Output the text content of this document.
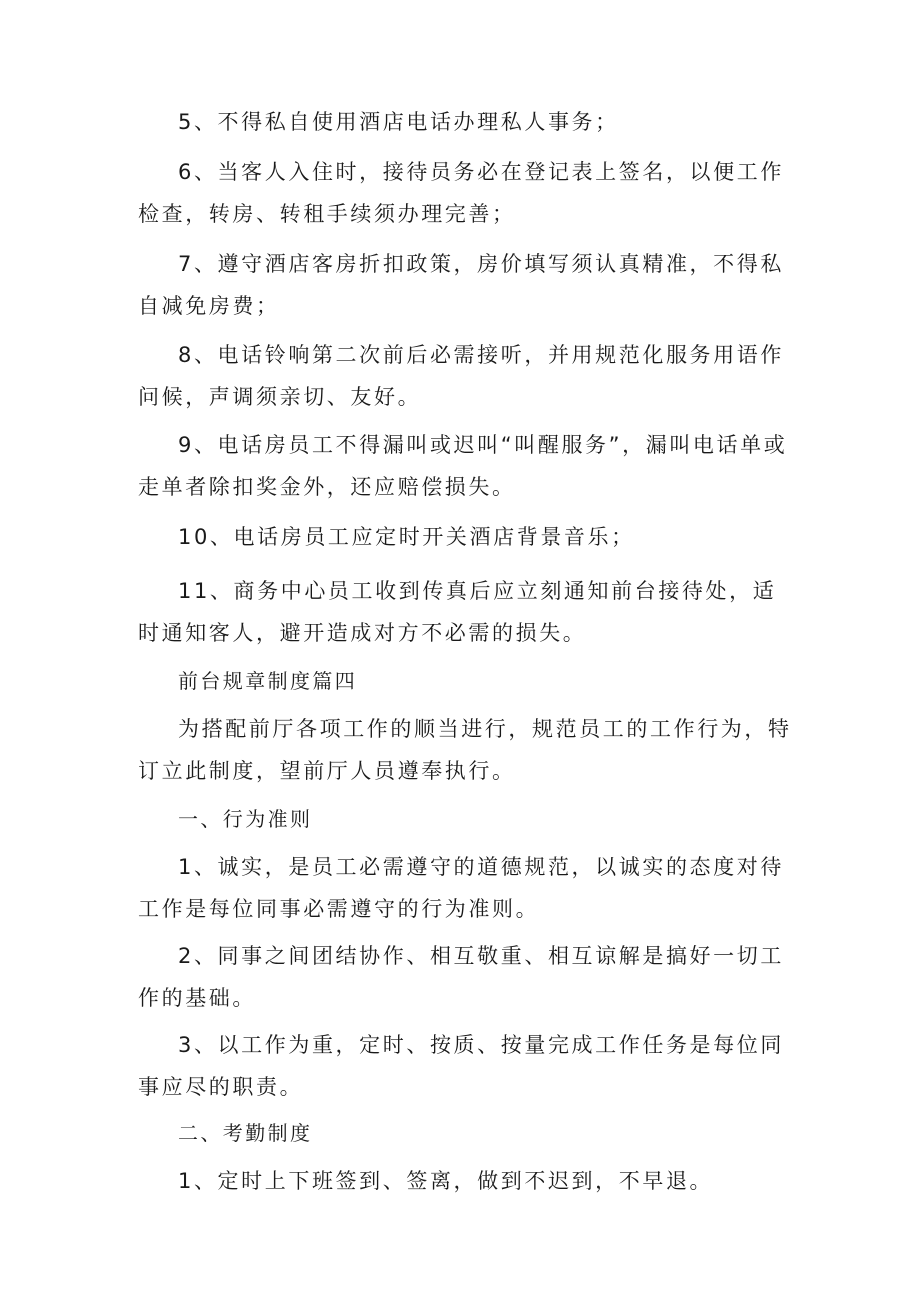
5、不得私自使用酒店电话办理私人事务；

6、当客人入住时，接待员务必在登记表上签名，以便工作检查，转房、转租手续须办理完善；

7、遵守酒店客房折扣政策，房价填写须认真精准，不得私自减免房费；

8、电话铃响第二次前后必需接听，并用规范化服务用语作问候，声调须亲切、友好。

9、电话房员工不得漏叫或迟叫“叫醒服务”，漏叫电话单或走单者除扣奖金外，还应赔偿损失。

10、电话房员工应定时开关酒店背景音乐；

11、商务中心员工收到传真后应立刻通知前台接待处，适时通知客人，避开造成对方不必需的损失。

前台规章制度篇四

为搭配前厅各项工作的顺当进行，规范员工的工作行为，特订立此制度，望前厅人员遵奉执行。

一、行为准则

1、诚实，是员工必需遵守的道德规范，以诚实的态度对待工作是每位同事必需遵守的行为准则。

2、同事之间团结协作、相互敬重、相互谅解是搞好一切工作的基础。

3、以工作为重，定时、按质、按量完成工作任务是每位同事应尽的职责。

二、考勤制度

1、定时上下班签到、签离，做到不迟到，不早退。
